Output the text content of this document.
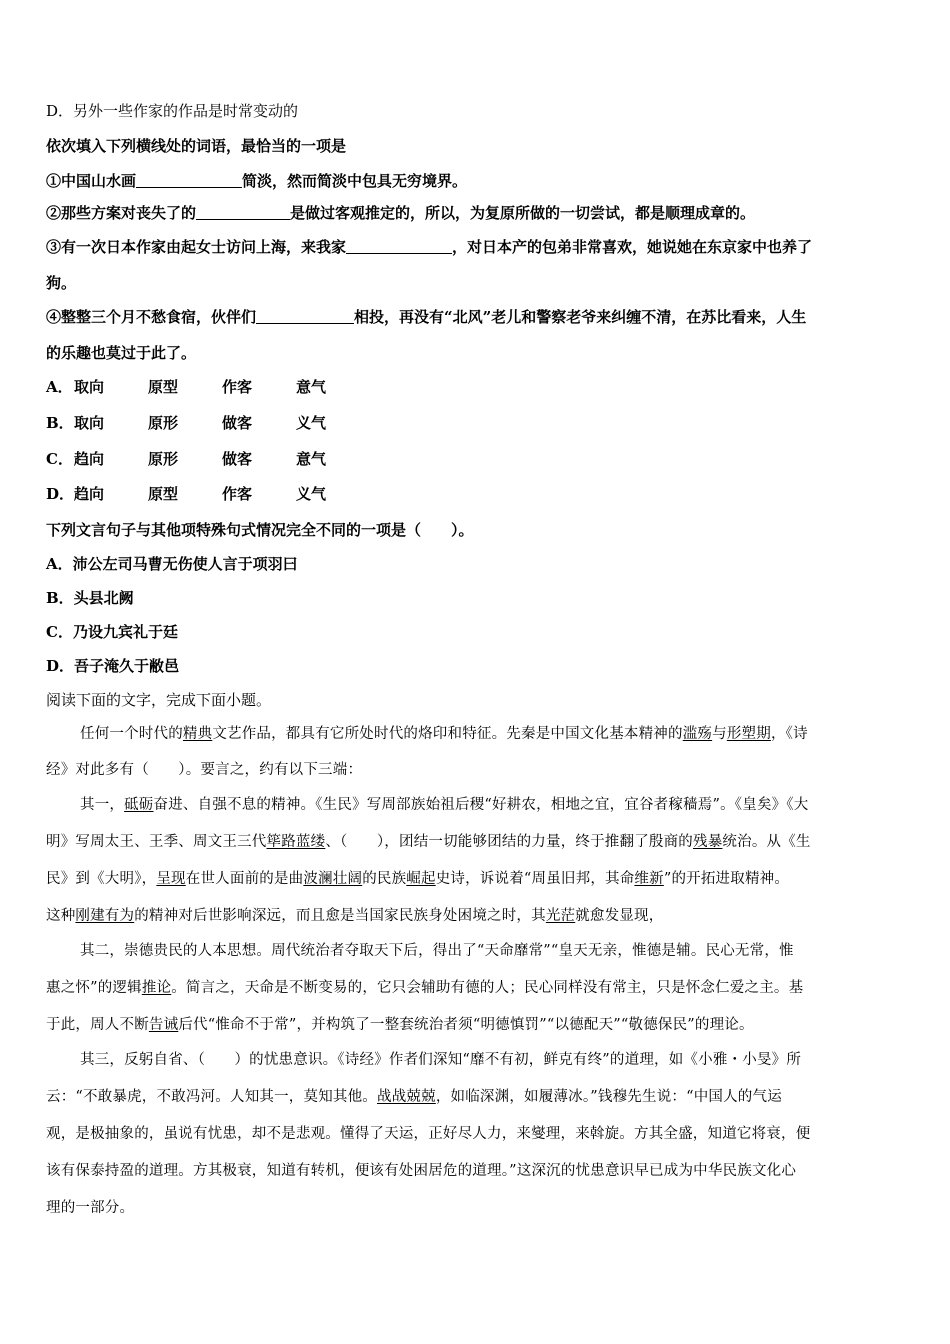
D．另外一些作家的作品是时常变动的
依次填入下列横线处的词语，最恰当的一项是
①中国山水画	简淡，然而简淡中包具无穷境界。
②那些方案对丧失了的	是做过客观推定的，所以，为复原所做的一切尝试，都是顺理成章的。
③有一次日本作家由起女士访问上海，来我家	，对日本产的包弟非常喜欢，她说她在东京家中也养了
狗。
④整整三个月不愁食宿，伙伴们	相投，再没有“北风”老儿和警察老爷来纠缠不清，在苏比看来，人生
的乐趣也莫过于此了。
A．取向	原型	作客	意气
B．取向	原形	做客	义气
C．趋向	原形	做客	意气
D．趋向	原型	作客	义气
下列文言句子与其他项特殊句式情况完全不同的一项是（　　）。
A．沛公左司马曹无伤使人言于项羽曰
B．头县北阙
C．乃设九宾礼于廷
D．吾子淹久于敝邑
阅读下面的文字，完成下面小题。
任何一个时代的精典文艺作品，都具有它所处时代的烙印和特征。先秦是中国文化基本精神的滥殇与形塑期，《诗
经》对此多有（　　）。要言之，约有以下三端：
其一，砥砺奋进、自强不息的精神。《生民》写周部族始祖后稷“好耕农，相地之宜，宜谷者稼穑焉”。《皇矣》《大
明》写周太王、王季、周文王三代筚路蓝缕、（　　），团结一切能够团结的力量，终于推翻了殷商的残暴统治。从《生
民》到《大明》，呈现在世人面前的是曲波澜壮阔的民族崛起史诗，诉说着“周虽旧邦，其命维新”的开拓进取精神。
这种刚建有为的精神对后世影响深远，而且愈是当国家民族身处困境之时，其光茫就愈发显现，
其二，崇德贵民的人本思想。周代统治者夺取天下后，得出了“天命靡常”“皇天无亲，惟德是辅。民心无常，惟
惠之怀”的逻辑推论。简言之，天命是不断变易的，它只会辅助有德的人；民心同样没有常主，只是怀念仁爱之主。基
于此，周人不断告诫后代“惟命不于常”，并构筑了一整套统治者须“明德慎罚”“以德配天”“敬德保民”的理论。
其三，反躬自省、（　　）的忧患意识。《诗经》作者们深知“靡不有初，鲜克有终”的道理，如《小雅・小旻》所
云：“不敢暴虎，不敢冯河。人知其一，莫知其他。战战兢兢，如临深渊，如履薄冰。”钱穆先生说：“中国人的气运
观，是极抽象的，虽说有忧患，却不是悲观。懂得了天运，正好尽人力，来燮理，来斡旋。方其全盛，知道它将衰，便
该有保泰持盈的道理。方其极衰，知道有转机，便该有处困居危的道理。”这深沉的忧患意识早已成为中华民族文化心
理的一部分。
